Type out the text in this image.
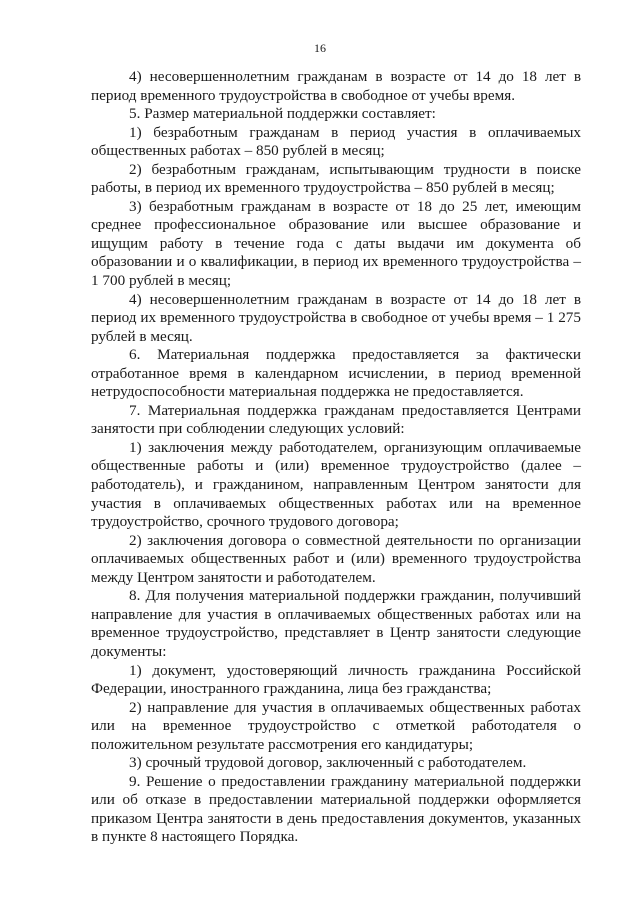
16

4) несовершеннолетним гражданам в возрасте от 14 до 18 лет в период временного трудоустройства в свободное от учебы время.

5. Размер материальной поддержки составляет:

1) безработным гражданам в период участия в оплачиваемых общественных работах – 850 рублей в месяц;

2) безработным гражданам, испытывающим трудности в поиске работы, в период их временного трудоустройства – 850 рублей в месяц;

3) безработным гражданам в возрасте от 18 до 25 лет, имеющим среднее профессиональное образование или высшее образование и ищущим работу в течение года с даты выдачи им документа об образовании и о квалификации, в период их временного трудоустройства – 1 700 рублей в месяц;

4) несовершеннолетним гражданам в возрасте от 14 до 18 лет в период их временного трудоустройства в свободное от учебы время – 1 275 рублей в месяц.

6. Материальная поддержка предоставляется за фактически отработанное время в календарном исчислении, в период временной нетрудоспособности материальная поддержка не предоставляется.

7. Материальная поддержка гражданам предоставляется Центрами занятости при соблюдении следующих условий:

1) заключения между работодателем, организующим оплачиваемые общественные работы и (или) временное трудоустройство (далее – работодатель), и гражданином, направленным Центром занятости для участия в оплачиваемых общественных работах или на временное трудоустройство, срочного трудового договора;

2) заключения договора о совместной деятельности по организации оплачиваемых общественных работ и (или) временного трудоустройства между Центром занятости и работодателем.

8. Для получения материальной поддержки гражданин, получивший направление для участия в оплачиваемых общественных работах или на временное трудоустройство, представляет в Центр занятости следующие документы:

1) документ, удостоверяющий личность гражданина Российской Федерации, иностранного гражданина, лица без гражданства;

2) направление для участия в оплачиваемых общественных работах или на временное трудоустройство с отметкой работодателя о положительном результате рассмотрения его кандидатуры;

3) срочный трудовой договор, заключенный с работодателем.

9. Решение о предоставлении гражданину материальной поддержки или об отказе в предоставлении материальной поддержки оформляется приказом Центра занятости в день предоставления документов, указанных в пункте 8 настоящего Порядка.
